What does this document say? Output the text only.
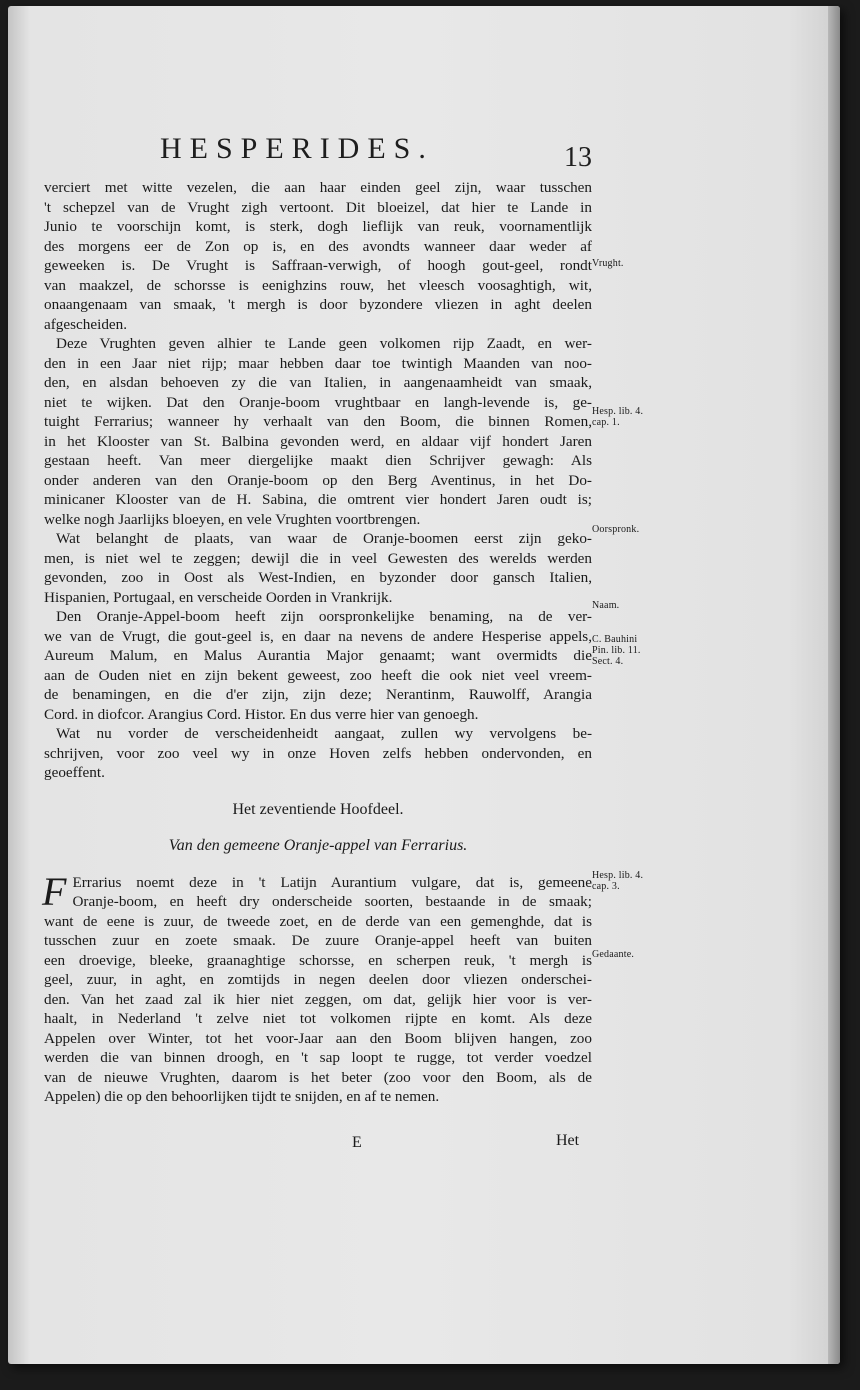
HESPERIDES.	13
verciert met witte vezelen, die aan haar einden geel zijn, waar tusschen
't schepzel van de Vrught zigh vertoont. Dit bloeizel, dat hier te Lande in
Junio te voorschijn komt, is sterk, dogh lieflijk van reuk, voornamentlijk
des morgens eer de Zon op is, en des avondts wanneer daar weder af
geweeken is. De Vrught is Saffraan-verwigh, of hoogh gout-geel, rondt
van maakzel, de schorsse is eenighzins rouw, het vleesch voosaghtigh, wit,
onaangenaam van smaak, 't mergh is door byzondere vliezen in aght deelen
afgescheiden.
Deze Vrughten geven alhier te Lande geen volkomen rijp Zaadt, en wer-
den in een Jaar niet rijp; maar hebben daar toe twintigh Maanden van noo-
den, en alsdan behoeven zy die van Italien, in aangenaamheidt van smaak,
niet te wijken. Dat den Oranje-boom vrughtbaar en langh-levende is, ge-
tuight Ferrarius; wanneer hy verhaalt van den Boom, die binnen Romen,
in het Klooster van St. Balbina gevonden werd, en aldaar vijf hondert Jaren
gestaan heeft. Van meer diergelijke maakt dien Schrijver gewagh: Als
onder anderen van den Oranje-boom op den Berg Aventinus, in het Do-
minicaner Klooster van de H. Sabina, die omtrent vier hondert Jaren oudt is;
welke nogh Jaarlijks bloeyen, en vele Vrughten voortbrengen.
Wat belanght de plaats, van waar de Oranje-boomen eerst zijn geko-
men, is niet wel te zeggen; dewijl die in veel Gewesten des werelds werden
gevonden, zoo in Oost als West-Indien, en byzonder door gansch Italien,
Hispanien, Portugaal, en verscheide Oorden in Vrankrijk.
Den Oranje-Appel-boom heeft zijn oorspronkelijke benaming, na de ver-
we van de Vrugt, die gout-geel is, en daar na nevens de andere Hesperise appels,
Aureum Malum, en Malus Aurantia Major genaamt; want overmidts die
aan de Ouden niet en zijn bekent geweest, zoo heeft die ook niet veel vreem-
de benamingen, en die d'er zijn, zijn deze; Nerantinm, Rauwolff, Arangia
Cord. in diofcor. Arangius Cord. Histor. En dus verre hier van genoegh.
Wat nu vorder de verscheidenheidt aangaat, zullen wy vervolgens be-
schrijven, voor zoo veel wy in onze Hoven zelfs hebben ondervonden, en
geoeffent.
Het zeventiende Hoofdeel.
Van den gemeene Oranje-appel van Ferrarius.
F Errarius noemt deze in 't Latijn Aurantium vulgare, dat is, gemeene
Oranje-boom, en heeft dry onderscheide soorten, bestaande in de smaak;
want de eene is zuur, de tweede zoet, en de derde van een gemenghde, dat is
tusschen zuur en zoete smaak. De zuure Oranje-appel heeft van buiten
een droevige, bleeke, graanaghtige schorsse, en scherpen reuk, 't mergh is
geel, zuur, in aght, en zomtijds in negen deelen door vliezen onderschei-
den. Van het zaad zal ik hier niet zeggen, om dat, gelijk hier voor is ver-
haalt, in Nederland 't zelve niet tot volkomen rijpte en komt. Als deze
Appelen over Winter, tot het voor-Jaar aan den Boom blijven hangen, zoo
werden die van binnen droogh, en 't sap loopt te rugge, tot verder voedzel
van de nieuwe Vrughten, daarom is het beter (zoo voor den Boom, als de
Appelen) die op den behoorlijken tijdt te snijden, en af te nemen.
Vrught.
Hesp. lib. 4.
cap. 1.
Oorspronk.
Naam.
C. Bauhini
Pin. lib. 11.
Sect. 4.
Hesp. lib. 4.
cap. 3.
Gedaante.
E	Het
